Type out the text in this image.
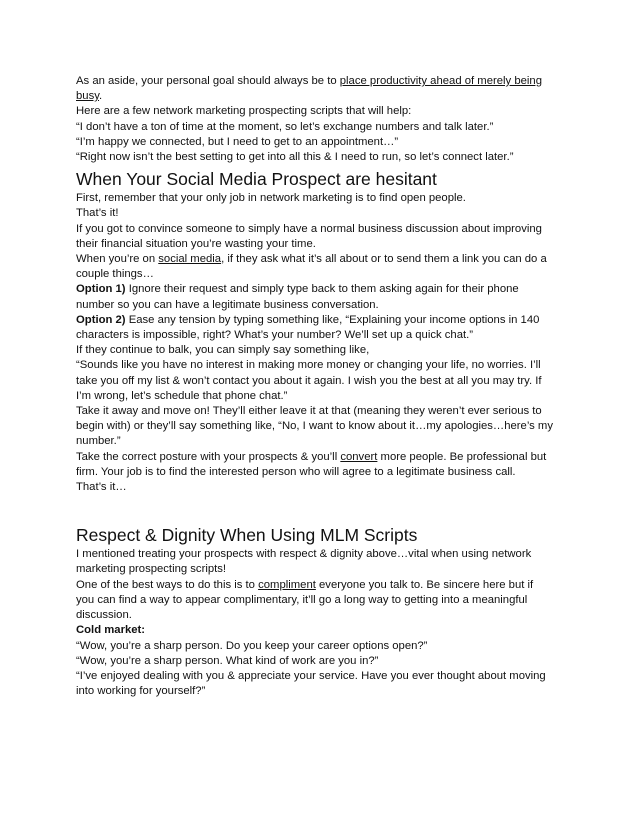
As an aside, your personal goal should always be to place productivity ahead of merely being

busy.

Here are a few network marketing prospecting scripts that will help:

“I don’t have a ton of time at the moment, so let’s exchange numbers and talk later.”

“I’m happy we connected, but I need to get to an appointment…”

“Right now isn’t the best setting to get into all this & I need to run, so let’s connect later.”

When Your Social Media Prospect are hesitant

First, remember that your only job in network marketing is to find open people.

That’s it!

If you got to convince someone to simply have a normal business discussion about improving

their financial situation you’re wasting your time.

When you’re on social media, if they ask what it’s all about or to send them a link you can do a

couple things…

Option 1) Ignore their request and simply type back to them asking again for their phone

number so you can have a legitimate business conversation.

Option 2) Ease any tension by typing something like, “Explaining your income options in 140

characters is impossible, right? What’s your number? We’ll set up a quick chat.”

If they continue to balk, you can simply say something like,

“Sounds like you have no interest in making more money or changing your life, no worries. I’ll

take you off my list & won’t contact you about it again. I wish you the best at all you may try. If

I’m wrong, let’s schedule that phone chat.”

Take it away and move on! They’ll either leave it at that (meaning they weren’t ever serious to

begin with) or they’ll say something like, “No, I want to know about it…my apologies…here’s my

number.”

Take the correct posture with your prospects & you’ll convert more people. Be professional but

firm. Your job is to find the interested person who will agree to a legitimate business call.

That’s it…

Respect & Dignity When Using MLM Scripts

I mentioned treating your prospects with respect & dignity above…vital when using network

marketing prospecting scripts!

One of the best ways to do this is to compliment everyone you talk to. Be sincere here but if

you can find a way to appear complimentary, it’ll go a long way to getting into a meaningful

discussion.

Cold market:

“Wow, you’re a sharp person. Do you keep your career options open?”

“Wow, you’re a sharp person. What kind of work are you in?”

“I’ve enjoyed dealing with you & appreciate your service. Have you ever thought about moving

into working for yourself?”
